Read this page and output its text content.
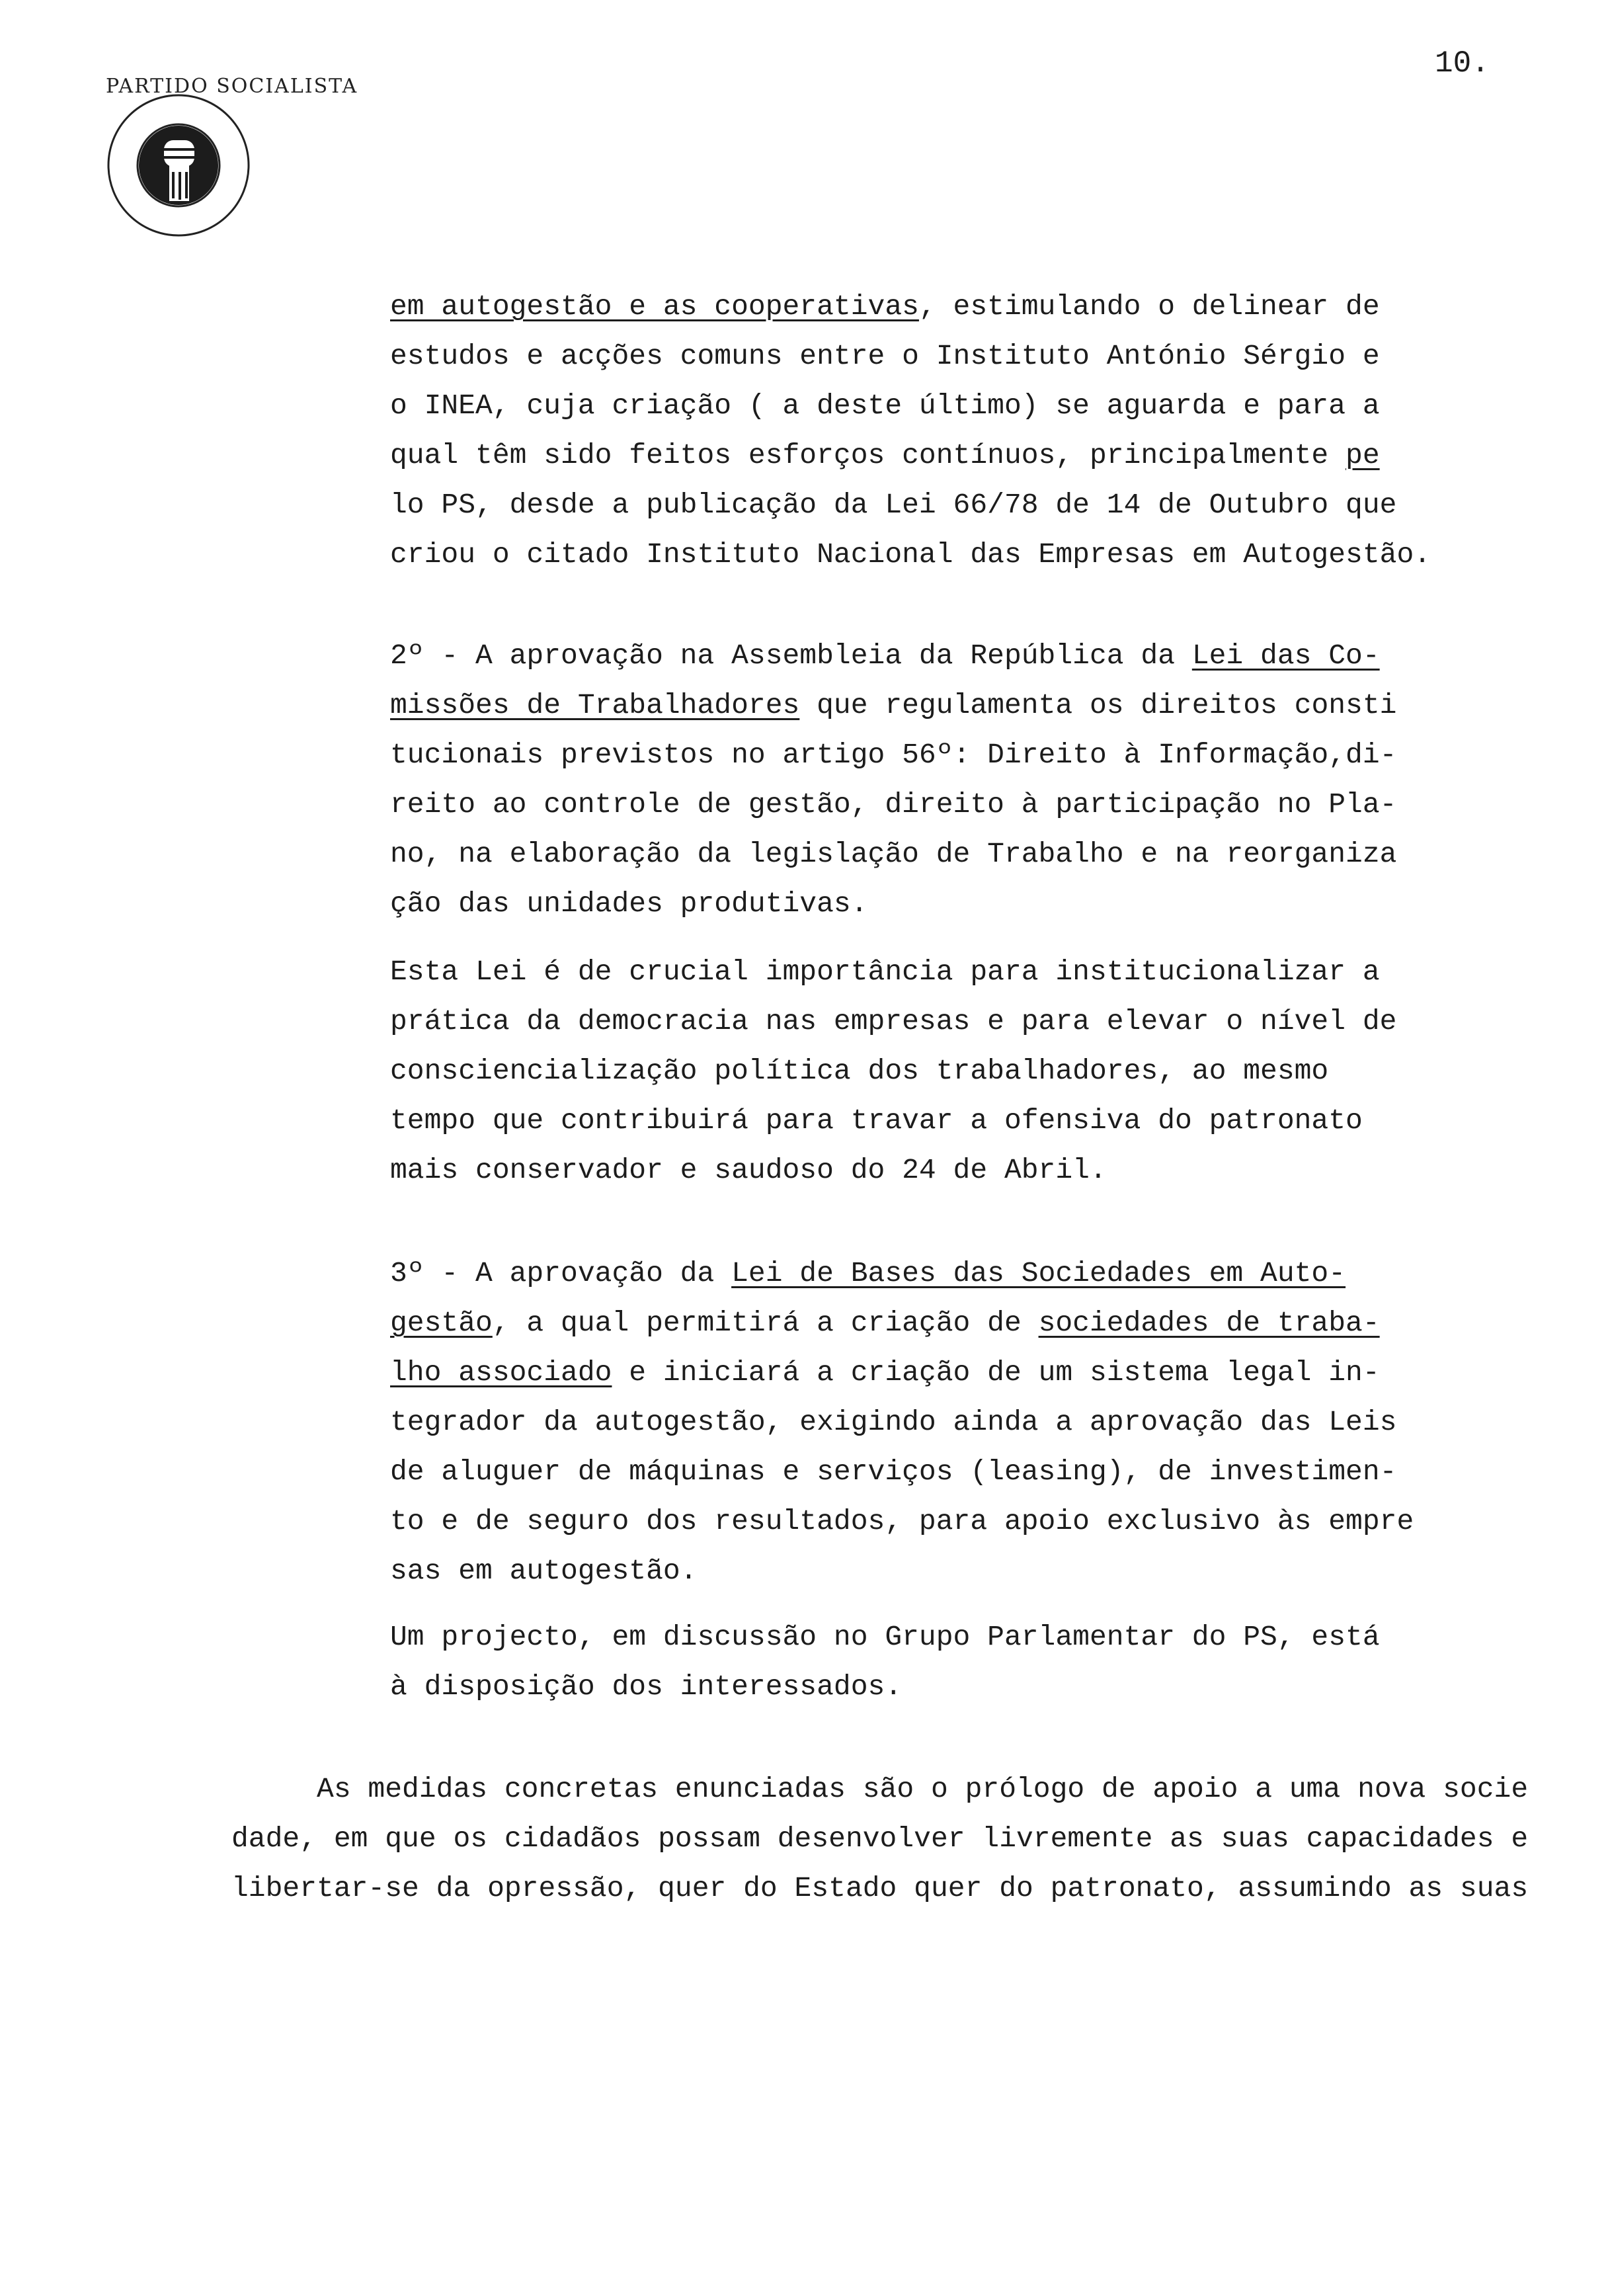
10.
PARTIDO SOCIALISTA
em autogestão e as cooperativas, estimulando o delinear de
estudos e acções comuns entre o Instituto António Sérgio e
o INEA, cuja criação ( a deste último) se aguarda e para a
qual têm sido feitos esforços contínuos, principalmente pe
lo PS, desde a publicação da Lei 66/78 de 14 de Outubro que
criou o citado Instituto Nacional das Empresas em Autogestão.
2º - A aprovação na Assembleia da República da Lei das Co-
missões de Trabalhadores que regulamenta os direitos consti
tucionais previstos no artigo 56º: Direito à Informação,di-
reito ao controle de gestão, direito à participação no Pla-
no, na elaboração da legislação de Trabalho e na reorganiza
ção das unidades produtivas.
Esta Lei é de crucial importância para institucionalizar a
prática da democracia nas empresas e para elevar o nível de
consciencialização política dos trabalhadores, ao mesmo
tempo que contribuirá para travar a ofensiva do patronato
mais conservador e saudoso do 24 de Abril.
3º - A aprovação da Lei de Bases das Sociedades em Auto-
gestão, a qual permitirá a criação de sociedades de traba-
lho associado e iniciará a criação de um sistema legal in-
tegrador da autogestão, exigindo ainda a aprovação das Leis
de aluguer de máquinas e serviços (leasing), de investimen-
to e de seguro dos resultados, para apoio exclusivo às empre
sas em autogestão.
Um projecto, em discussão no Grupo Parlamentar do PS, está
à disposição dos interessados.
As medidas concretas enunciadas são o prólogo de apoio a uma nova socie
dade, em que os cidadãos possam desenvolver livremente as suas capacidades e
libertar-se da opressão, quer do Estado quer do patronato, assumindo as suas
